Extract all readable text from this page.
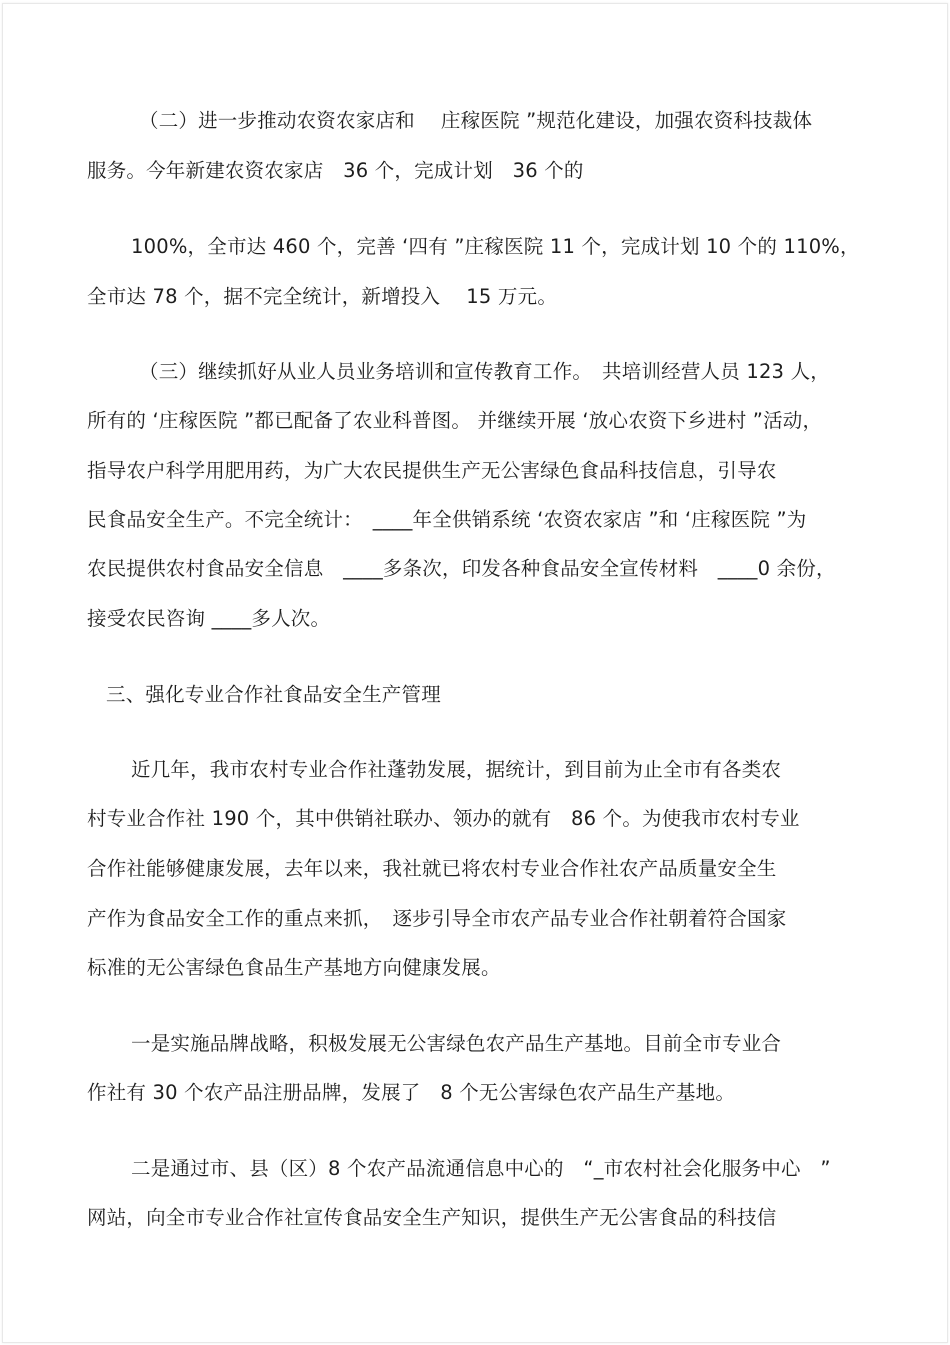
（二）进一步推动农资农家店和　 庄稼医院 ”规范化建设，加强农资科技裁体
服务。今年新建农资农家店　36 个，完成计划　36 个的
100%，全市达 460 个，完善 ‘四有 ”庄稼医院 11 个，完成计划 10 个的 110%，
全市达 78 个，据不完全统计，新增投入　 15 万元。
（三）继续抓好从业人员业务培训和宣传教育工作。　共培训经营人员 123 人，
所有的 ‘庄稼医院 ”都已配备了农业科普图。 并继续开展 ‘放心农资下乡进村 ”活动，
指导农户科学用肥用药，为广大农民提供生产无公害绿色食品科技信息，引导农
民食品安全生产。不完全统计：　____年全供销系统 ‘农资农家店 ”和 ‘庄稼医院 ”为
农民提供农村食品安全信息　____多条次，印发各种食品安全宣传材料　____0 余份，
接受农民咨询 ____多人次。
三、强化专业合作社食品安全生产管理
近几年，我市农村专业合作社蓬勃发展，据统计，到目前为止全市有各类农
村专业合作社 190 个，其中供销社联办、领办的就有　86 个。为使我市农村专业
合作社能够健康发展，去年以来，我社就已将农村专业合作社农产品质量安全生
产作为食品安全工作的重点来抓，　逐步引导全市农产品专业合作社朝着符合国家
标准的无公害绿色食品生产基地方向健康发展。
一是实施品牌战略，积极发展无公害绿色农产品生产基地。目前全市专业合
作社有 30 个农产品注册品牌，发展了　8 个无公害绿色农产品生产基地。
二是通过市、县（区）8 个农产品流通信息中心的　“_市农村社会化服务中心　”
网站，向全市专业合作社宣传食品安全生产知识，提供生产无公害食品的科技信
